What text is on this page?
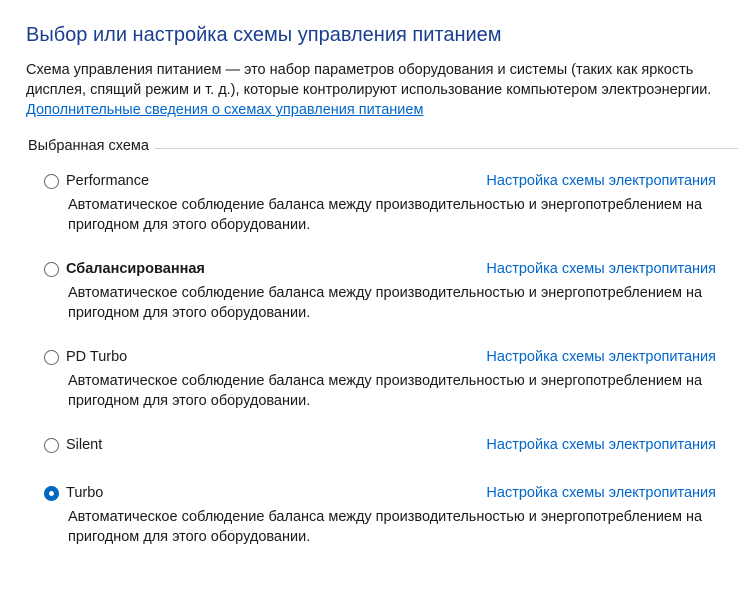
Выбор или настройка схемы управления питанием
Схема управления питанием — это набор параметров оборудования и системы (таких как яркость дисплея, спящий режим и т. д.), которые контролируют использование компьютером электроэнергии.
Дополнительные сведения о схемах управления питанием
Выбранная схема
Performance	Настройка схемы электропитания
Автоматическое соблюдение баланса между производительностью и энергопотреблением на пригодном для этого оборудовании.
Сбалансированная	Настройка схемы электропитания
Автоматическое соблюдение баланса между производительностью и энергопотреблением на пригодном для этого оборудовании.
PD Turbo	Настройка схемы электропитания
Автоматическое соблюдение баланса между производительностью и энергопотреблением на пригодном для этого оборудовании.
Silent	Настройка схемы электропитания
Turbo	Настройка схемы электропитания
Автоматическое соблюдение баланса между производительностью и энергопотреблением на пригодном для этого оборудовании.
